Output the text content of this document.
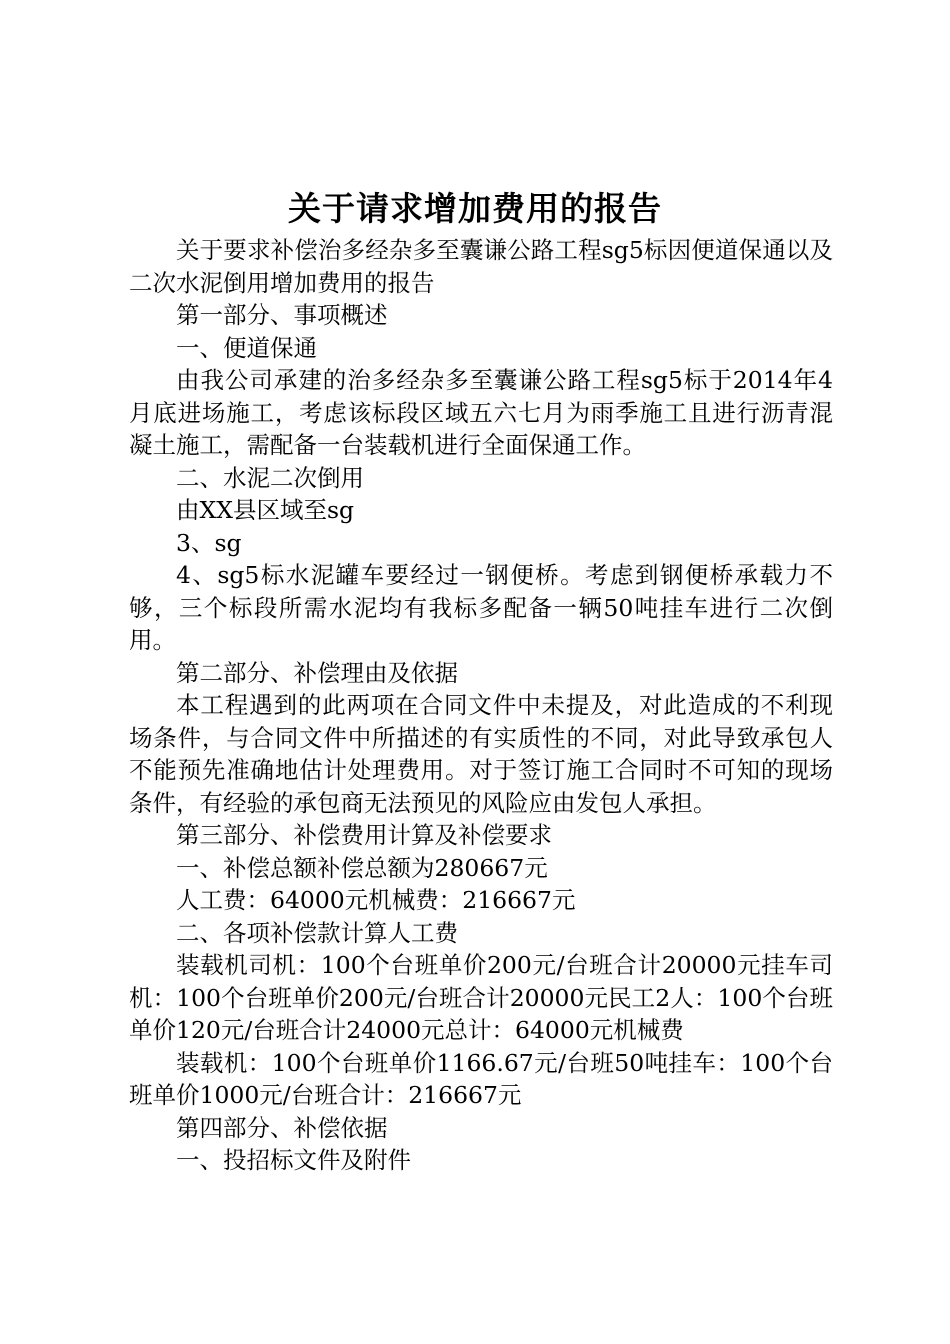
关于请求增加费用的报告

关于要求补偿治多经杂多至囊谦公路工程sg5标因便道保通以及二次水泥倒用增加费用的报告

第一部分、事项概述

一、便道保通

由我公司承建的治多经杂多至囊谦公路工程sg5标于2014年4月底进场施工，考虑该标段区域五六七月为雨季施工且进行沥青混凝土施工，需配备一台装载机进行全面保通工作。

二、水泥二次倒用

由XX县区域至sg

3、sg

4、sg5标水泥罐车要经过一钢便桥。考虑到钢便桥承载力不够，三个标段所需水泥均有我标多配备一辆50吨挂车进行二次倒用。

第二部分、补偿理由及依据

本工程遇到的此两项在合同文件中未提及，对此造成的不利现场条件，与合同文件中所描述的有实质性的不同，对此导致承包人不能预先准确地估计处理费用。对于签订施工合同时不可知的现场条件，有经验的承包商无法预见的风险应由发包人承担。

第三部分、补偿费用计算及补偿要求

一、补偿总额补偿总额为280667元

人工费：64000元机械费：216667元

二、各项补偿款计算人工费

装载机司机：100个台班单价200元/台班合计20000元挂车司机：100个台班单价200元/台班合计20000元民工2人：100个台班单价120元/台班合计24000元总计：64000元机械费

装载机：100个台班单价1166.67元/台班50吨挂车：100个台班单价1000元/台班合计：216667元

第四部分、补偿依据

一、投招标文件及附件
